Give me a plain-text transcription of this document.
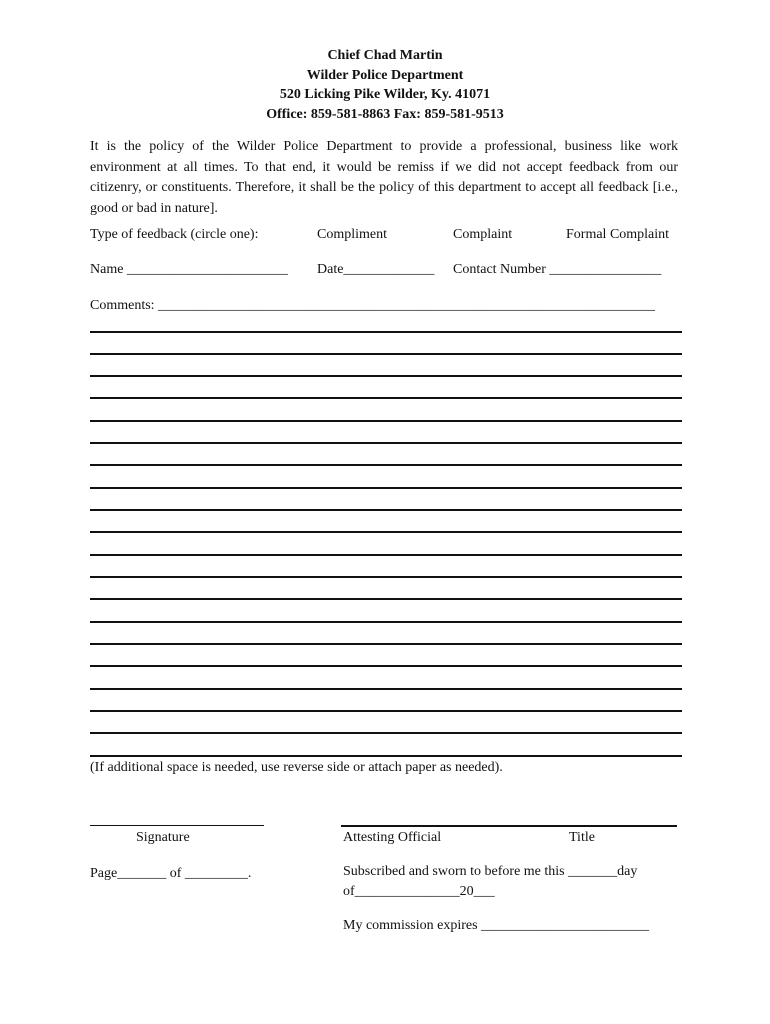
Chief Chad Martin
Wilder Police Department
520 Licking Pike Wilder, Ky. 41071
Office: 859-581-8863 Fax: 859-581-9513

It is the policy of the Wilder Police Department to provide a professional, business like work environment at all times. To that end, it would be remiss if we did not accept feedback from our citizenry, or constituents. Therefore, it shall be the policy of this department to accept all feedback [i.e., good or bad in nature].

Type of feedback (circle one):	Compliment	Complaint	Formal Complaint
Name _______________________ Date_____________ Contact Number ________________
Comments: _______________________________________________________________________
(If additional space is needed, use reverse side or attach paper as needed).
Signature	Attesting Official	Title
Page_______ of _________.	Subscribed and sworn to before me this _______day
of_______________20___
My commission expires ________________________
